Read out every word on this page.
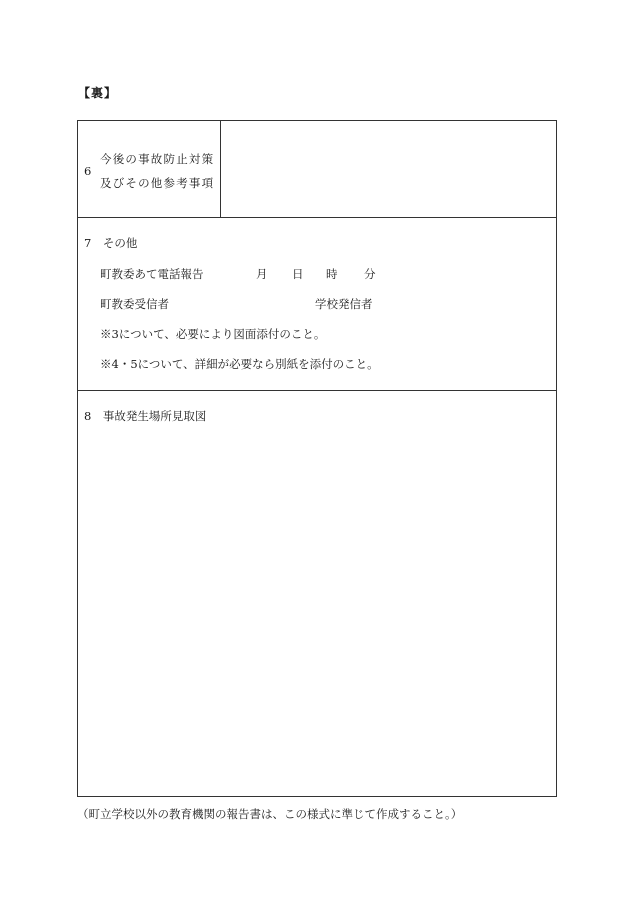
【裏】
6
今後の事故防止対策
及びその他参考事項
7　その他
町教委あて電話報告	月 日 時 分
町教委受信者	学校発信者
※3について、必要により図面添付のこと。
※4・5について、詳細が必要なら別紙を添付のこと。
8　事故発生場所見取図
（町立学校以外の教育機関の報告書は、この様式に準じて作成すること。）
